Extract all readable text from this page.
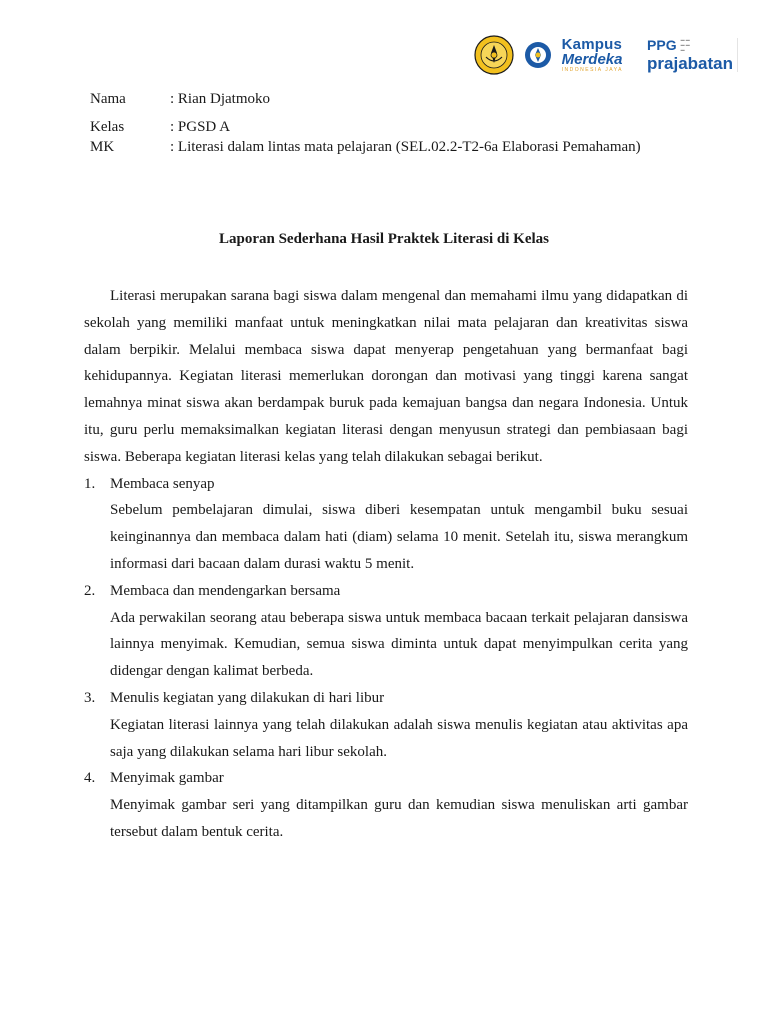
Kampus
Merdeka
INDONESIA JAYA
PPG ▬ ▬
▬ ▬
▬
prajabatan
Nama	: Rian Djatmoko
Kelas	: PGSD A
MK	: Literasi dalam lintas mata pelajaran (SEL.02.2-T2-6a Elaborasi Pemahaman)
Laporan Sederhana Hasil Praktek Literasi di Kelas

Literasi merupakan sarana bagi siswa dalam mengenal dan memahami ilmu yang didapatkan di sekolah yang memiliki manfaat untuk meningkatkan nilai mata pelajaran dan kreativitas siswa dalam berpikir. Melalui membaca siswa dapat menyerap pengetahuan yang bermanfaat bagi kehidupannya. Kegiatan literasi memerlukan dorongan dan motivasi yang tinggi karena sangat lemahnya minat siswa akan berdampak buruk pada kemajuan bangsa dan negara Indonesia. Untuk itu, guru perlu memaksimalkan kegiatan literasi dengan menyusun strategi dan pembiasaan bagi siswa. Beberapa kegiatan literasi kelas yang telah dilakukan sebagai berikut.

1. Membaca senyap
Sebelum pembelajaran dimulai, siswa diberi kesempatan untuk mengambil buku sesuai keinginannya dan membaca dalam hati (diam) selama 10 menit. Setelah itu, siswa merangkum informasi dari bacaan dalam durasi waktu 5 menit.
2. Membaca dan mendengarkan bersama
Ada perwakilan seorang atau beberapa siswa untuk membaca bacaan terkait pelajaran dansiswa lainnya menyimak. Kemudian, semua siswa diminta untuk dapat menyimpulkan cerita yang didengar dengan kalimat berbeda.
3. Menulis kegiatan yang dilakukan di hari libur
Kegiatan literasi lainnya yang telah dilakukan adalah siswa menulis kegiatan atau aktivitas apa saja yang dilakukan selama hari libur sekolah.
4. Menyimak gambar
Menyimak gambar seri yang ditampilkan guru dan kemudian siswa menuliskan arti gambar tersebut dalam bentuk cerita.
